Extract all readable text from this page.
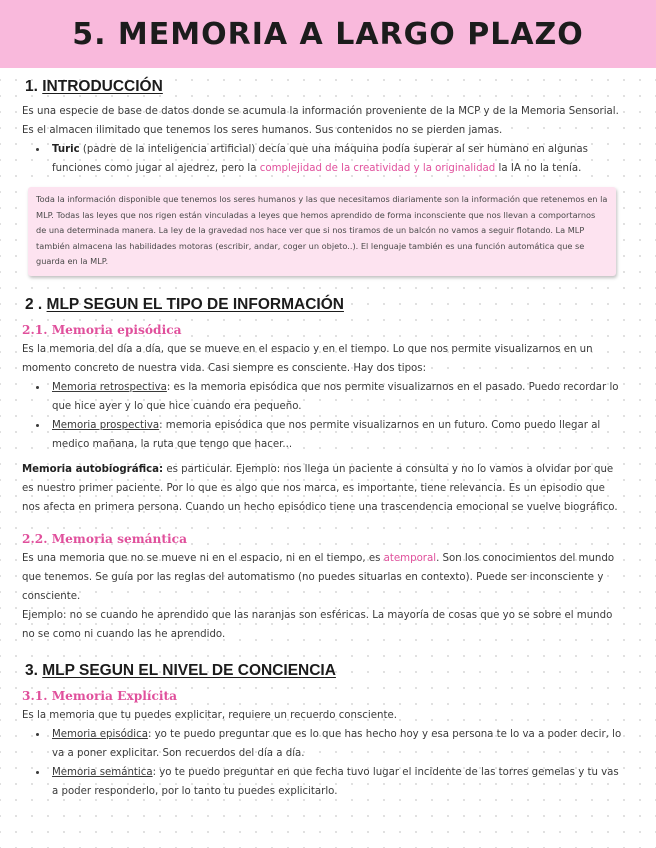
5. MEMORIA A LARGO PLAZO
1. INTRODUCCIÓN

Es una especie de base de datos donde se acumula la información proveniente de la MCP y de la Memoria Sensorial. Es el almacen ilimitado que tenemos los seres humanos. Sus contenidos no se pierden jamas.

• Turic (padre de la inteligencia artificial) decía que una máquina podía superar al ser humano en algunas funciones como jugar al ajedrez, pero la complejidad de la creatividad y la originalidad la IA no la tenía.

Toda la información disponible que tenemos los seres humanos y las que necesitamos diariamente son la información que retenemos en la MLP. Todas las leyes que nos rigen están vinculadas a leyes que hemos aprendido de forma inconsciente que nos llevan a comportarnos de una determinada manera. La ley de la gravedad nos hace ver que si nos tiramos de un balcón no vamos a seguir flotando. La MLP también almacena las habilidades motoras (escribir, andar, coger un objeto..). El lenguaje también es una función automática que se guarda en la MLP.

2 . MLP SEGUN EL TIPO DE INFORMACIÓN
2.1. Memoria episódica

Es la memoria del día a día, que se mueve en el espacio y en el tiempo. Lo que nos permite visualizarnos en un momento concreto de nuestra vida. Casi siempre es consciente. Hay dos tipos:

• Memoria retrospectiva: es la memoria episódica que nos permite visualizarnos en el pasado. Puedo recordar lo que hice ayer y lo que hice cuando era pequeño.
• Memoria prospectiva: memoria episódica que nos permite visualizarnos en un futuro. Como puedo llegar al medico mañana, la ruta que tengo que hacer...

Memoria autobiográfica: es particular. Ejemplo: nos llega un paciente a consulta y no lo vamos a olvidar por que es nuestro primer paciente. Por lo que es algo que nos marca, es importante, tiene relevancia. Es un episodio que nos afecta en primera persona. Cuando un hecho episódico tiene una trascendencia emocional se vuelve biográfico.

2.2. Memoria semántica

Es una memoria que no se mueve ni en el espacio, ni en el tiempo, es atemporal. Son los conocimientos del mundo que tenemos. Se guía por las reglas del automatismo (no puedes situarlas en contexto). Puede ser inconsciente y consciente.

Ejemplo: no se cuando he aprendido que las naranjas son esféricas. La mayoría de cosas que yo se sobre el mundo no se como ni cuando las he aprendido.

3. MLP SEGUN EL NIVEL DE CONCIENCIA
3.1. Memoria Explícita

Es la memoria que tu puedes explicitar, requiere un recuerdo consciente.

• Memoria episódica: yo te puedo preguntar que es lo que has hecho hoy y esa persona te lo va a poder decir, lo va a poner explicitar. Son recuerdos del día a día.
• Memoria semántica: yo te puedo preguntar en que fecha tuvo lugar el incidente de las torres gemelas y tu vas a poder responderlo, por lo tanto tu puedes explicitarlo.
